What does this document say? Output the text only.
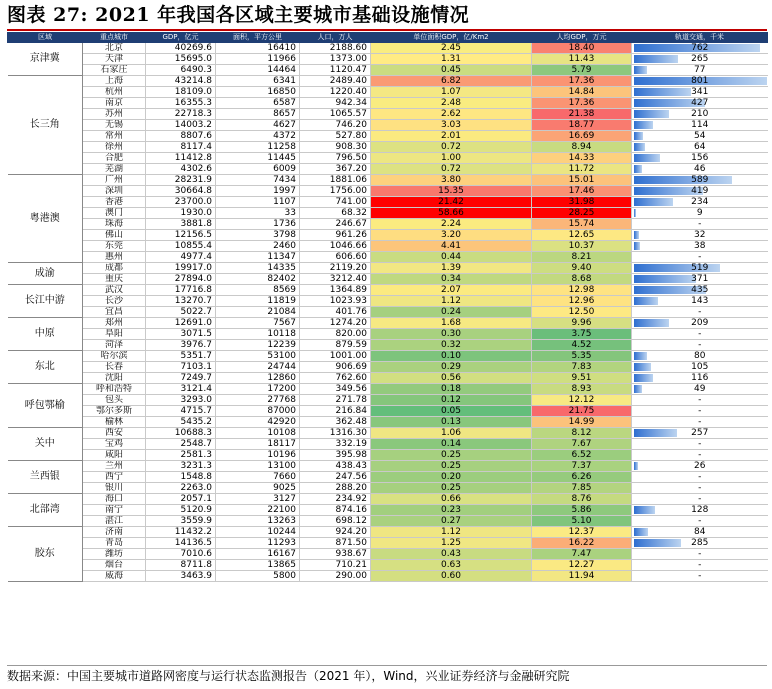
图表 27: 2021 年我国各区域主要城市基础设施情况
区域	重点城市	GDP，亿元	面积，平方公里	人口，万人	单位面积GDP，亿/Km2	人均GDP，万元	轨道交通，千米
京津冀	北京	40269.6	16410	2188.60	2.45	18.40	762

	天津	15695.0	11966	1373.00	1.31	11.43	265

	石家庄	6490.3	14464	1120.47	0.45	5.79	77

长三角	上海	43214.8	6341	2489.40	6.82	17.36	801

	杭州	18109.0	16850	1220.40	1.07	14.84	341

	南京	16355.3	6587	942.34	2.48	17.36	427

	苏州	22718.3	8657	1065.57	2.62	21.38	210

	无锡	14003.2	4627	746.20	3.03	18.77	114

	常州	8807.6	4372	527.80	2.01	16.69	54

	徐州	8117.4	11258	908.30	0.72	8.94	64

	合肥	11412.8	11445	796.50	1.00	14.33	156

	芜湖	4302.6	6009	367.20	0.72	11.72	46

粤港澳	广州	28231.9	7434	1881.06	3.80	15.01	589

	深圳	30664.8	1997	1756.00	15.35	17.46	419

	香港	23700.0	1107	741.00	21.42	31.98	234

	澳门	1930.0	33	68.32	58.66	28.25	9

	珠海	3881.8	1736	246.67	2.24	15.74	-

	佛山	12156.5	3798	961.26	3.20	12.65	32

	东莞	10855.4	2460	1046.66	4.41	10.37	38

	惠州	4977.4	11347	606.60	0.44	8.21	-

成渝	成都	19917.0	14335	2119.20	1.39	9.40	519

	重庆	27894.0	82402	3212.40	0.34	8.68	371

长江中游	武汉	17716.8	8569	1364.89	2.07	12.98	435

	长沙	13270.7	11819	1023.93	1.12	12.96	143

	宜昌	5022.7	21084	401.76	0.24	12.50	-

中原	郑州	12691.0	7567	1274.20	1.68	9.96	209

	阜阳	3071.5	10118	820.00	0.30	3.75	-

	菏泽	3976.7	12239	879.59	0.32	4.52	-

东北	哈尔滨	5351.7	53100	1001.00	0.10	5.35	80

	长春	7103.1	24744	906.69	0.29	7.83	105

	沈阳	7249.7	12860	762.60	0.56	9.51	116

呼包鄂榆	呼和浩特	3121.4	17200	349.56	0.18	8.93	49

	包头	3293.0	27768	271.78	0.12	12.12	-

	鄂尔多斯	4715.7	87000	216.84	0.05	21.75	-

	榆林	5435.2	42920	362.48	0.13	14.99	-

关中	西安	10688.3	10108	1316.30	1.06	8.12	257

	宝鸡	2548.7	18117	332.19	0.14	7.67	-

	咸阳	2581.3	10196	395.98	0.25	6.52	-

兰西银	兰州	3231.3	13100	438.43	0.25	7.37	26

	西宁	1548.8	7660	247.56	0.20	6.26	-

	银川	2263.0	9025	288.20	0.25	7.85	-

北部湾	海口	2057.1	3127	234.92	0.66	8.76	-

	南宁	5120.9	22100	874.16	0.23	5.86	128

	湛江	3559.9	13263	698.12	0.27	5.10	-

胶东	济南	11432.2	10244	924.20	1.12	12.37	84

	青岛	14136.5	11293	871.50	1.25	16.22	285

	潍坊	7010.6	16167	938.67	0.43	7.47	-

	烟台	8711.8	13865	710.21	0.63	12.27	-

	威海	3463.9	5800	290.00	0.60	11.94	-
数据来源：中国主要城市道路网密度与运行状态监测报告（2021 年），Wind，兴业证券经济与金融研究院
